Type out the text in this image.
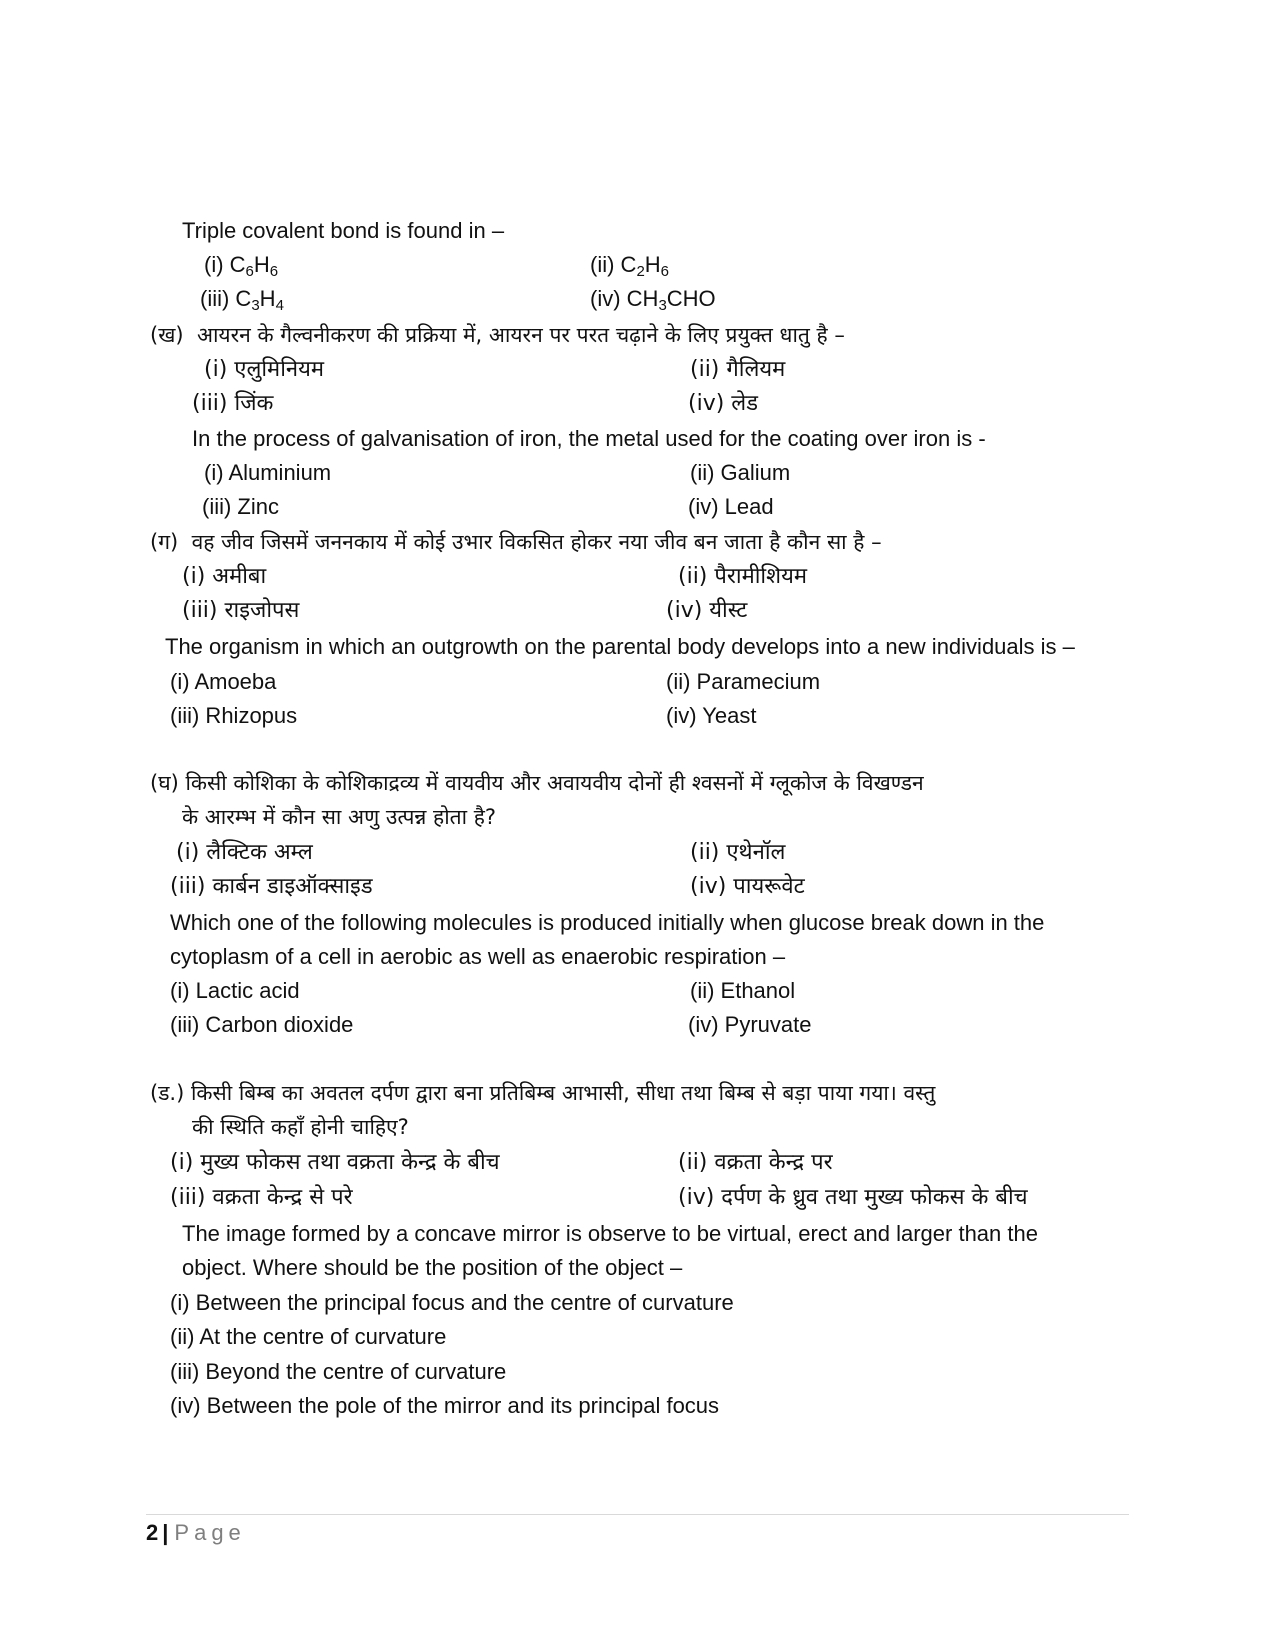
Triple covalent bond is found in –
(i) $C_6H_6$	(ii) $C_2H_6$
(iii) $C_3H_4$	(iv) $CH_3CHO$
(ख) आयरन के गैल्वनीकरण की प्रक्रिया में, आयरन पर परत चढ़ाने के लिए प्रयुक्त धातु है –
(i) एलुमिनियम	(ii) गैलियम
(iii) जिंक	(iv) लेड
In the process of galvanisation of iron, the metal used for the coating over iron is -
(i) Aluminium	(ii) Galium
(iii) Zinc	(iv) Lead
(ग) वह जीव जिसमें जननकाय में कोई उभार विकसित होकर नया जीव बन जाता है कौन सा है –
(i) अमीबा	(ii) पैरामीशियम
(iii) राइजोपस	(iv) यीस्ट
The organism in which an outgrowth on the parental body develops into a new individuals is –
(i) Amoeba	(ii) Paramecium
(iii) Rhizopus	(iv) Yeast
(घ) किसी कोशिका के कोशिकाद्रव्य में वायवीय और अवायवीय दोनों ही श्वसनों में ग्लूकोज के विखण्डन
के आरम्भ में कौन सा अणु उत्पन्न होता है?
(i) लैक्टिक अम्ल	(ii) एथेनॉल
(iii) कार्बन डाइऑक्साइड	(iv) पायरूवेट
Which one of the following molecules is produced initially when glucose break down in the
cytoplasm of a cell in aerobic as well as enaerobic respiration –
(i) Lactic acid	(ii) Ethanol
(iii) Carbon dioxide	(iv) Pyruvate
(ड.) किसी बिम्ब का अवतल दर्पण द्वारा बना प्रतिबिम्ब आभासी, सीधा तथा बिम्ब से बड़ा पाया गया। वस्तु
की स्थिति कहाँ होनी चाहिए?
(i) मुख्य फोकस तथा वक्रता केन्द्र के बीच	(ii) वक्रता केन्द्र पर
(iii) वक्रता केन्द्र से परे	(iv) दर्पण के ध्रुव तथा मुख्य फोकस के बीच
The image formed by a concave mirror is observe to be virtual, erect and larger than the
object. Where should be the position of the object –
(i) Between the principal focus and the centre of curvature
(ii) At the centre of curvature
(iii) Beyond the centre of curvature
(iv) Between the pole of the mirror and its principal focus
2 | Page
